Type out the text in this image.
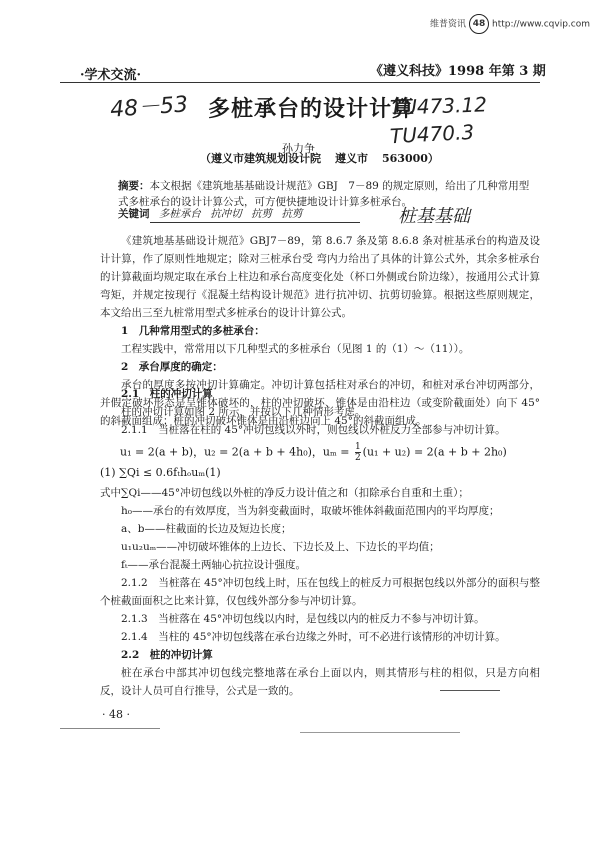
维普资讯 48 http://www.cqvip.com
·学术交流·	《遵义科技》1998 年第 3 期
48－53 多桩承台的设计计算
TU473.12
TU470.3
孙力争
（遵义市建筑规划设计院 遵义市 563000）
摘要：本文根据《建筑地基基础设计规范》GBJ　7－89 的规定原则，给出了几种常用型式多桩承台的设计计算公式，可方便快捷地设计计算多桩承台。
关键词 多桩承台 抗冲切 抗剪 抗剪	桩基基础

《建筑地基基础设计规范》GBJ7－89，第 8.6.7 条及第 8.6.8 条对桩基承台的构造及设计计算，作了原则性地规定；除对三桩承台受 弯内力给出了具体的计算公式外，其余多桩承台的计算截面均规定取在承台上柱边和承台高度变化处（杯口外侧或台阶边缘），按通用公式计算弯矩，并规定按现行《混凝土结构设计规范》进行抗冲切、抗剪切验算。根据这些原则规定，本文给出三至九桩常用型式多桩承台的设计计算公式。

1　几种常用型式的多桩承台：

工程实践中，常常用以下几种型式的多桩承台（见图 1 的（1）～（11））。

2　承台厚度的确定：

承台的厚度多按冲切计算确定。冲切计算包括柱对承台的冲切，和桩对承台冲切两部分，并假定破坏形态是呈锥体破坏的，柱的冲切破坏、锥体是由沿柱边（或变阶截面处）向下 45°的斜截面组成；桩的冲切破坏锥体是由沿桩边向上 45°的斜截面组成。

2.1　柱的冲切计算

柱的冲切计算如图 2 所示，并按以下几种情形考虑。

2.1.1　当桩落在柱的 45°冲切包线以外时，则包线以外桩反力全部参与冲切计算。

u₁ = 2(a + b)，u₂ = 2(a + b + 4h₀)，$u_m = \frac{1}{2} (u_1 + u_2) = 2(a + b + 2h_0)$
(1) ∑Qi ≤ 0.6fₜhₒuₘ(1)

式中∑Qi——45°冲切包线以外桩的净反力设计值之和（扣除承台自重和土重）；

h₀——承台的有效厚度，当为斜变截面时，取破坏锥体斜截面范围内的平均厚度；

a、b——柱截面的长边及短边长度；

u₁u₂uₘ——冲切破坏锥体的上边长、下边长及上、下边长的平均值；

fₜ——承台混凝土两轴心抗拉设计强度。

2.1.2　当桩落在 45°冲切包线上时，压在包线上的桩反力可根据包线以外部分的面积与整个桩截面面积之比来计算，仅包线外部分参与冲切计算。

2.1.3　当桩落在 45°冲切包线以内时，是包线以内的桩反力不参与冲切计算。

2.1.4　当柱的 45°冲切包线落在承台边缘之外时，可不必进行该情形的冲切计算。

2.2　桩的冲切计算

桩在承台中部其冲切包线完整地落在承台上面以内，则其情形与柱的相似，只是方向相反，设计人员可自行推导，公式是一致的。

· 48 ·
